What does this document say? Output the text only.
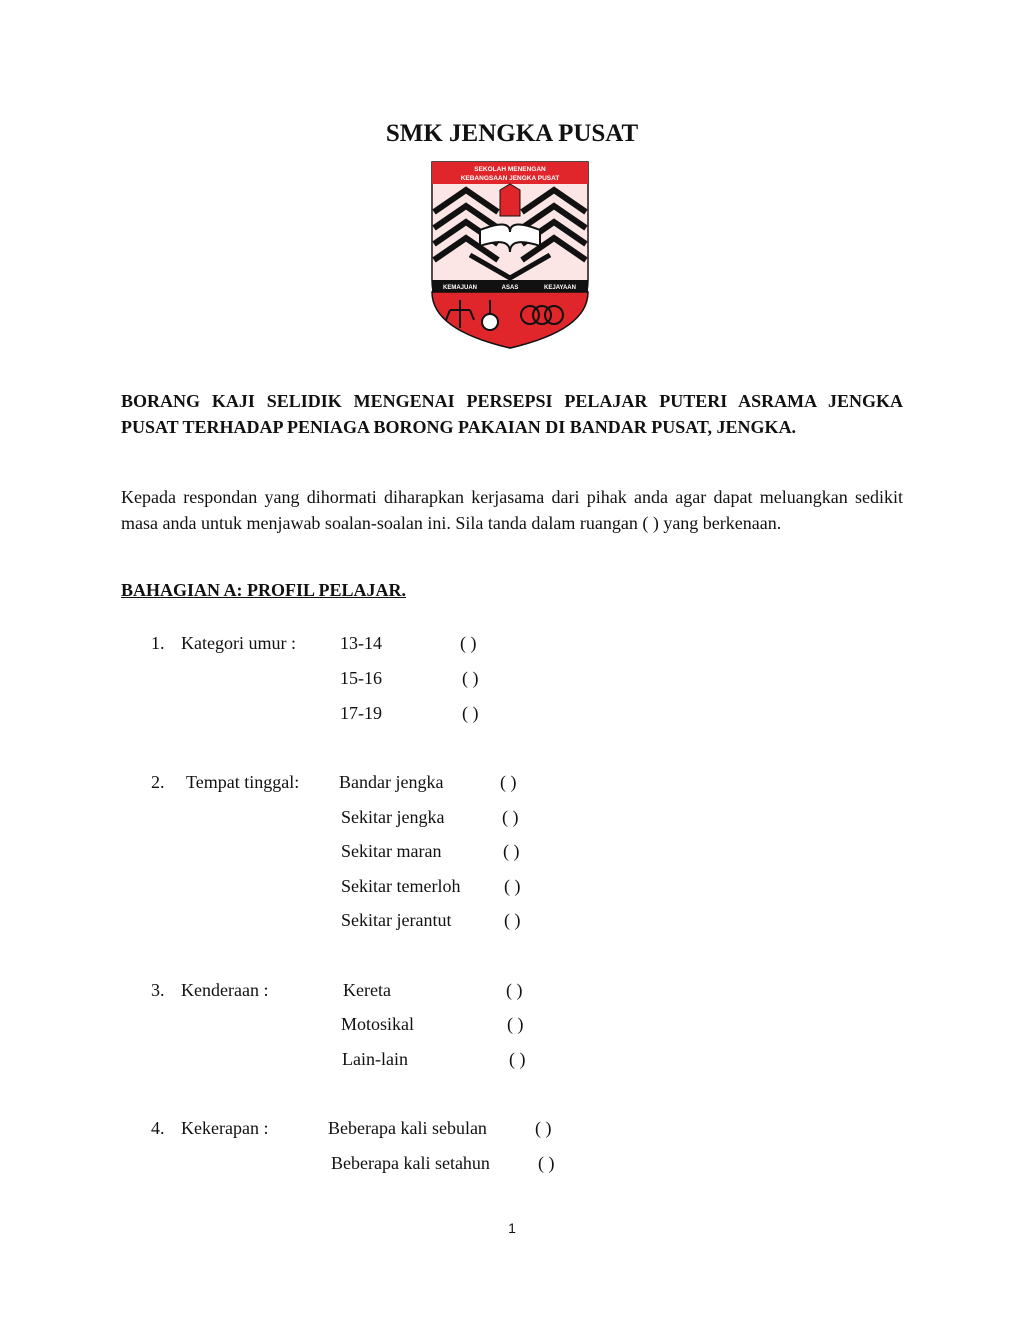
SMK JENGKA PUSAT
SEKOLAH MENENGAN
KEBANGSAAN JENGKA PUSAT
KEMAJUAN	ASAS	KEJAYAAN
BORANG KAJI SELIDIK MENGENAI PERSEPSI PELAJAR PUTERI ASRAMA JENGKA PUSAT TERHADAP PENIAGA BORONG PAKAIAN DI BANDAR PUSAT, JENGKA.
Kepada respondan yang dihormati diharapkan kerjasama dari pihak anda agar dapat meluangkan sedikit masa anda untuk menjawab soalan-soalan ini. Sila tanda dalam ruangan ( ) yang berkenaan.
BAHAGIAN A: PROFIL PELAJAR.
1. Kategori umur : 13-14	( )
15-16	( )
17-19	( )
2. Tempat tinggal: Bandar jengka	( )
Sekitar jengka	( )
Sekitar maran	( )
Sekitar temerloh ( )
Sekitar jerantut	( )
3. Kenderaan :	Kereta	( )
Motosikal	( )
Lain-lain	( )
4. Kekerapan :	Beberapa kali sebulan	( )
Beberapa kali setahun	( )
1
